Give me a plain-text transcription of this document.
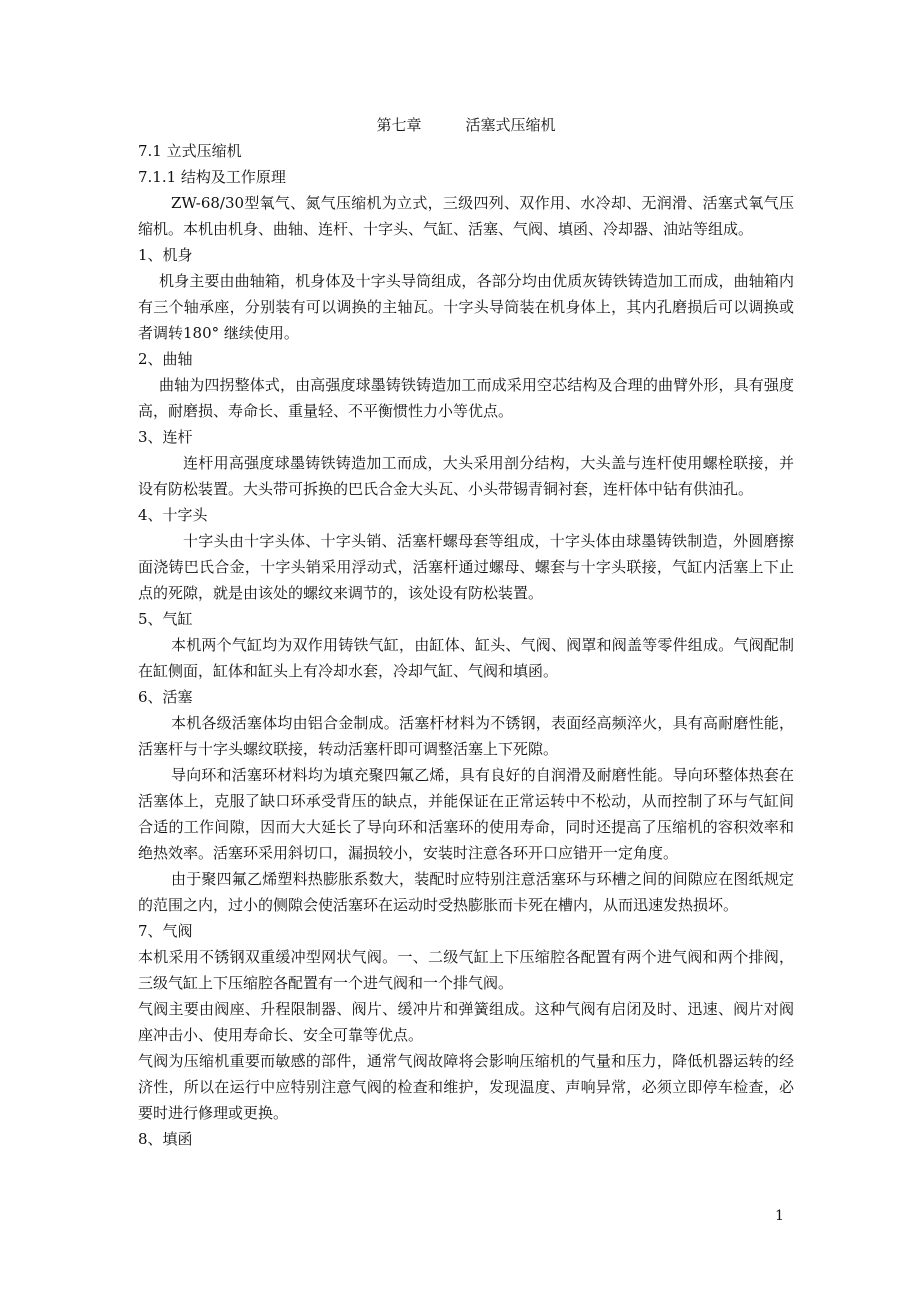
第七章	活塞式压缩机

7.1 立式压缩机

7.1.1 结构及工作原理

ZW-68/30型氧气、氮气压缩机为立式，三级四列、双作用、水冷却、无润滑、活塞式氧气压缩机。本机由机身、曲轴、连杆、十字头、气缸、活塞、气阀、填函、冷却器、油站等组成。

1、机身

机身主要由曲轴箱，机身体及十字头导筒组成，各部分均由优质灰铸铁铸造加工而成，曲轴箱内有三个轴承座，分别装有可以调换的主轴瓦。十字头导筒装在机身体上，其内孔磨损后可以调换或者调转180° 继续使用。

2、曲轴

曲轴为四拐整体式，由高强度球墨铸铁铸造加工而成采用空芯结构及合理的曲臂外形，具有强度高，耐磨损、寿命长、重量轻、不平衡惯性力小等优点。

3、连杆

连杆用高强度球墨铸铁铸造加工而成，大头采用剖分结构，大头盖与连杆使用螺栓联接，并设有防松装置。大头带可拆换的巴氏合金大头瓦、小头带锡青铜衬套，连杆体中钻有供油孔。

4、十字头

十字头由十字头体、十字头销、活塞杆螺母套等组成，十字头体由球墨铸铁制造，外圆磨擦面浇铸巴氏合金，十字头销采用浮动式，活塞杆通过螺母、螺套与十字头联接，气缸内活塞上下止点的死隙，就是由该处的螺纹来调节的，该处设有防松装置。

5、气缸

本机两个气缸均为双作用铸铁气缸，由缸体、缸头、气阀、阀罩和阀盖等零件组成。气阀配制在缸侧面，缸体和缸头上有冷却水套，冷却气缸、气阀和填函。

6、活塞

本机各级活塞体均由铝合金制成。活塞杆材料为不锈钢，表面经高频淬火，具有高耐磨性能，活塞杆与十字头螺纹联接，转动活塞杆即可调整活塞上下死隙。

导向环和活塞环材料均为填充聚四氟乙烯，具有良好的自润滑及耐磨性能。导向环整体热套在活塞体上，克服了缺口环承受背压的缺点，并能保证在正常运转中不松动，从而控制了环与气缸间合适的工作间隙，因而大大延长了导向环和活塞环的使用寿命，同时还提高了压缩机的容积效率和绝热效率。活塞环采用斜切口，漏损较小，安装时注意各环开口应错开一定角度。

由于聚四氟乙烯塑料热膨胀系数大，装配时应特别注意活塞环与环槽之间的间隙应在图纸规定的范围之内，过小的侧隙会使活塞环在运动时受热膨胀而卡死在槽内，从而迅速发热损坏。

7、气阀

本机采用不锈钢双重缓冲型网状气阀。一、二级气缸上下压缩腔各配置有两个进气阀和两个排阀，三级气缸上下压缩腔各配置有一个进气阀和一个排气阀。

气阀主要由阀座、升程限制器、阀片、缓冲片和弹簧组成。这种气阀有启闭及时、迅速、阀片对阀座冲击小、使用寿命长、安全可靠等优点。

气阀为压缩机重要而敏感的部件，通常气阀故障将会影响压缩机的气量和压力，降低机器运转的经济性，所以在运行中应特别注意气阀的检查和维护，发现温度、声响异常，必须立即停车检查，必要时进行修理或更换。

8、填函

1
